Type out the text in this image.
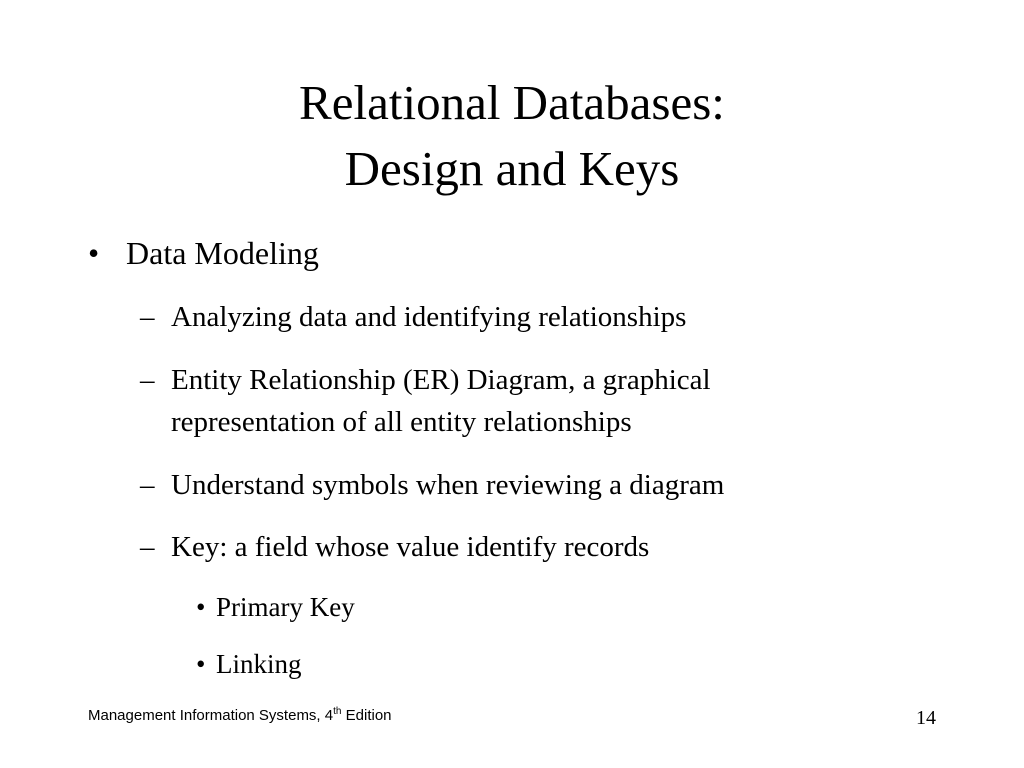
Relational Databases:
Design and Keys
• Data Modeling
– Analyzing data and identifying relationships
– Entity Relationship (ER) Diagram, a graphical
representation of all entity relationships
– Understand symbols when reviewing a diagram
– Key: a field whose value identify records
• Primary Key
• Linking
Management Information Systems, 4th Edition	14
